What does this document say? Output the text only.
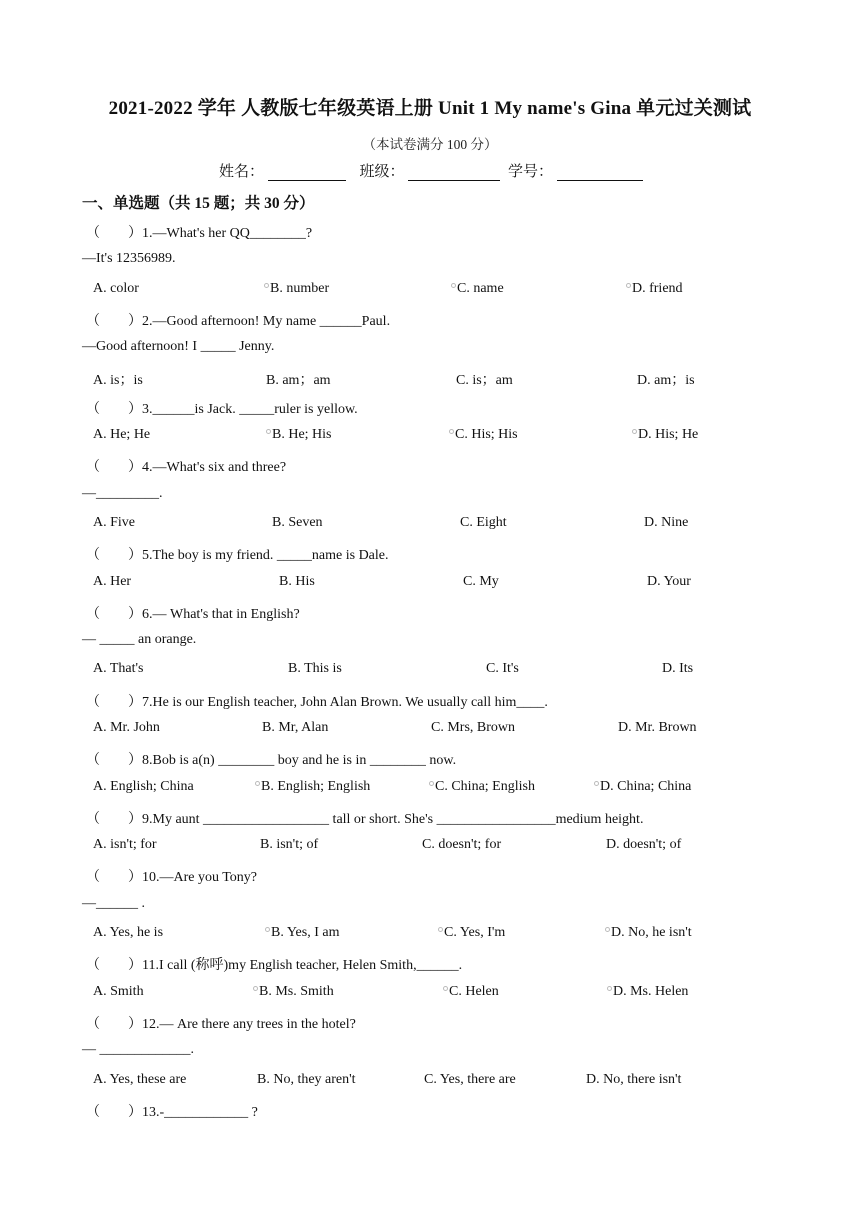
2021-2022 学年 人教版七年级英语上册 Unit 1 My name's Gina 单元过关测试
（本试卷满分 100 分）
姓名：	班级：	学号：
一、单选题（共 15 题；共 30 分）
（　　）1.—What's her QQ________?
—It's 12356989.
A. color	B. number	C. name	D. friend
（　　）2.—Good afternoon! My name ______Paul.
—Good afternoon! I _____ Jenny.
A. is；is	B. am；am	C. is；am	D. am；is
（　　）3.______is Jack. _____ruler is yellow.
A. He; He	B. He; His	C. His; His	D. His; He
（　　）4.—What's six and three?
—_________.
A. Five	B. Seven	C. Eight	D. Nine
（　　）5.The boy is my friend. _____name is Dale.
A. Her	B. His	C. My	D. Your
（　　）6.— What's that in English?
— _____ an orange.
A. That's	B. This is	C. It's	D. Its
（　　）7.He is our English teacher, John Alan Brown. We usually call him____.
A. Mr. John	B. Mr, Alan	C. Mrs, Brown	D. Mr. Brown
（　　）8.Bob is a(n) ________ boy and he is in ________ now.
A. English; China	B. English; English	C. China; English	D. China; China
（　　）9.My aunt __________________ tall or short. She's _________________medium height.
A. isn't; for	B. isn't; of	C. doesn't; for	D. doesn't; of
（　　）10.—Are you Tony?
—______ .
A. Yes, he is	B. Yes, I am	C. Yes, I'm	D. No, he isn't
（　　）11.I call (称呼)my English teacher, Helen Smith,______.
A. Smith	B. Ms. Smith	C. Helen	D. Ms. Helen
（　　）12.— Are there any trees in the hotel?
— _____________.
A. Yes, these are	B. No, they aren't	C. Yes, there are	D. No, there isn't
（　　）13.-____________ ?
